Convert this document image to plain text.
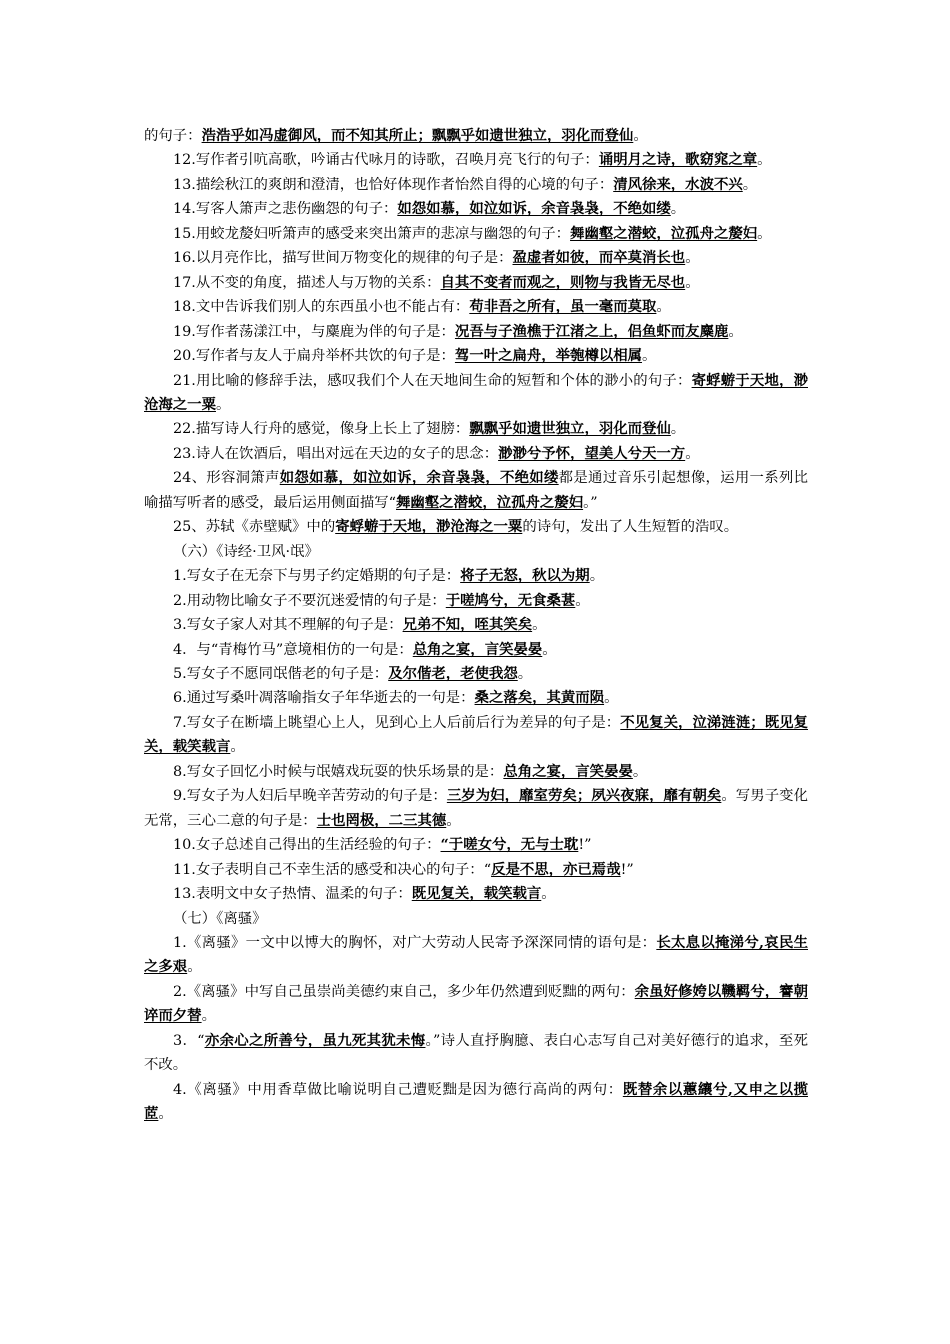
的句子：浩浩乎如冯虚御风，而不知其所止；飘飘乎如遗世独立，羽化而登仙。

12.写作者引吭高歌，吟诵古代咏月的诗歌，召唤月亮飞行的句子：诵明月之诗，歌窈窕之章。

13.描绘秋江的爽朗和澄清，也恰好体现作者怡然自得的心境的句子：清风徐来，水波不兴。

14.写客人箫声之悲伤幽怨的句子：如怨如慕，如泣如诉，余音袅袅，不绝如缕。

15.用蛟龙嫠妇听箫声的感受来突出箫声的悲凉与幽怨的句子：舞幽壑之潜蛟，泣孤舟之嫠妇。

16.以月亮作比，描写世间万物变化的规律的句子是：盈虚者如彼，而卒莫消长也。

17.从不变的角度，描述人与万物的关系：自其不变者而观之，则物与我皆无尽也。

18.文中告诉我们别人的东西虽小也不能占有：苟非吾之所有，虽一毫而莫取。

19.写作者荡漾江中，与麋鹿为伴的句子是：况吾与子渔樵于江渚之上，侣鱼虾而友麋鹿。

20.写作者与友人于扁舟举杯共饮的句子是：驾一叶之扁舟，举匏樽以相属。

21.用比喻的修辞手法，感叹我们个人在天地间生命的短暂和个体的渺小的句子：寄蜉蝣于天地，渺沧海之一粟。

22.描写诗人行舟的感觉，像身上长上了翅膀：飘飘乎如遗世独立，羽化而登仙。

23.诗人在饮酒后，唱出对远在天边的女子的思念：渺渺兮予怀，望美人兮天一方。

24、形容洞箫声如怨如慕，如泣如诉，余音袅袅，不绝如缕都是通过音乐引起想像，运用一系列比喻描写听者的感受，最后运用侧面描写“舞幽壑之潜蛟，泣孤舟之嫠妇。”

25、苏轼《赤壁赋》中的寄蜉蝣于天地，渺沧海之一粟的诗句，发出了人生短暂的浩叹。

（六）《诗经·卫风·氓》

1.写女子在无奈下与男子约定婚期的句子是：将子无怒，秋以为期。

2.用动物比喻女子不要沉迷爱情的句子是：于嗟鸠兮，无食桑葚。

3.写女子家人对其不理解的句子是：兄弟不知，咥其笑矣。

4．与“青梅竹马”意境相仿的一句是：总角之宴，言笑晏晏。

5.写女子不愿同氓偕老的句子是：及尔偕老，老使我怨。

6.通过写桑叶凋落喻指女子年华逝去的一句是：桑之落矣，其黄而陨。

7.写女子在断墙上眺望心上人，见到心上人后前后行为差异的句子是：不见复关，泣涕涟涟；既见复关，载笑载言。

8.写女子回忆小时候与氓嬉戏玩耍的快乐场景的是：总角之宴，言笑晏晏。

9.写女子为人妇后早晚辛苦劳动的句子是：三岁为妇，靡室劳矣；夙兴夜寐，靡有朝矣。写男子变化无常，三心二意的句子是：士也罔极，二三其德。

10.女子总述自己得出的生活经验的句子：“于嗟女兮，无与士耽!”

11.女子表明自己不幸生活的感受和决心的句子：“反是不思，亦已焉哉!”

13.表明文中女子热情、温柔的句子：既见复关，载笑载言。

（七）《离骚》

1.《离骚》一文中以博大的胸怀，对广大劳动人民寄予深深同情的语句是：长太息以掩涕兮,哀民生之多艰。

2.《离骚》中写自己虽崇尚美德约束自己，多少年仍然遭到贬黜的两句：余虽好修姱以鞿羁兮，謇朝谇而夕替。

3．“亦余心之所善兮，虽九死其犹未悔。”诗人直抒胸臆、表白心志写自己对美好德行的追求，至死不改。

4.《离骚》中用香草做比喻说明自己遭贬黜是因为德行高尚的两句：既替余以蕙纕兮,又申之以揽茝。
